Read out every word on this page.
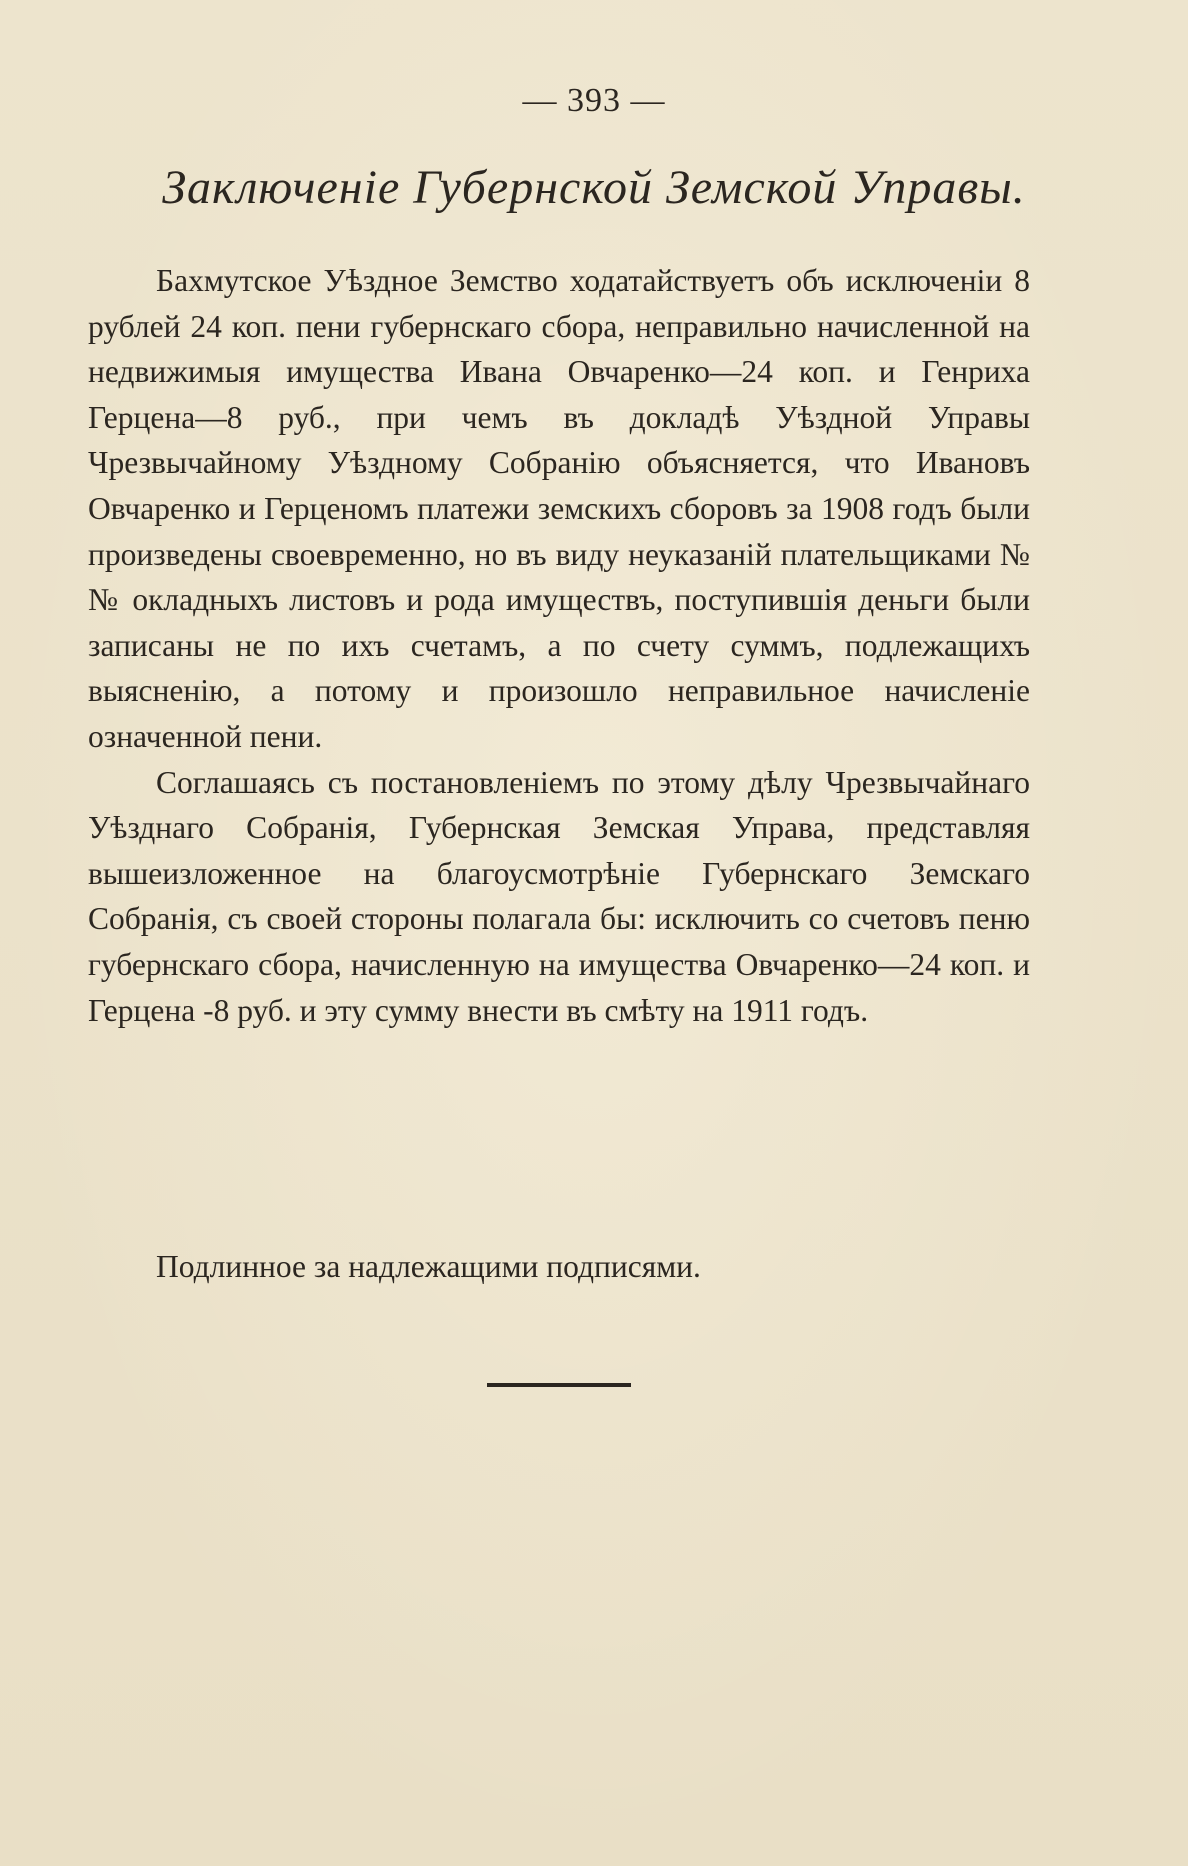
— 393 —
Заключеніе Губернской Земской Управы.

Бахмутское Уѣздное Земство ходатайствуетъ объ исключеніи 8 рублей 24 коп. пени губернскаго сбора, неправильно начисленной на недвижимыя имущества Ивана Овчаренко—24 коп. и Генриха Герцена—8 руб., при чемъ въ докладѣ Уѣздной Управы Чрезвычайному Уѣздному Собранію объясняется, что Ивановъ Овчаренко и Герценомъ платежи земскихъ сборовъ за 1908 годъ были произведены своевременно, но въ виду неуказаній плательщиками №№ окладныхъ листовъ и рода имуществъ, поступившія деньги были записаны не по ихъ счетамъ, а по счету суммъ, подлежащихъ выясненію, а потому и произошло неправильное начисленіе означенной пени.

Соглашаясь съ постановленіемъ по этому дѣлу Чрезвычайнаго Уѣзднаго Собранія, Губернская Земская Управа, представляя вышеизложенное на благоусмотрѣніе Губернскаго Земскаго Собранія, съ своей стороны полагала бы: исключить со счетовъ пеню губернскаго сбора, начисленную на имущества Овчаренко—24 коп. и Герцена -8 руб. и эту сумму внести въ смѣту на 1911 годъ.

Подлинное за надлежащими подписями.
